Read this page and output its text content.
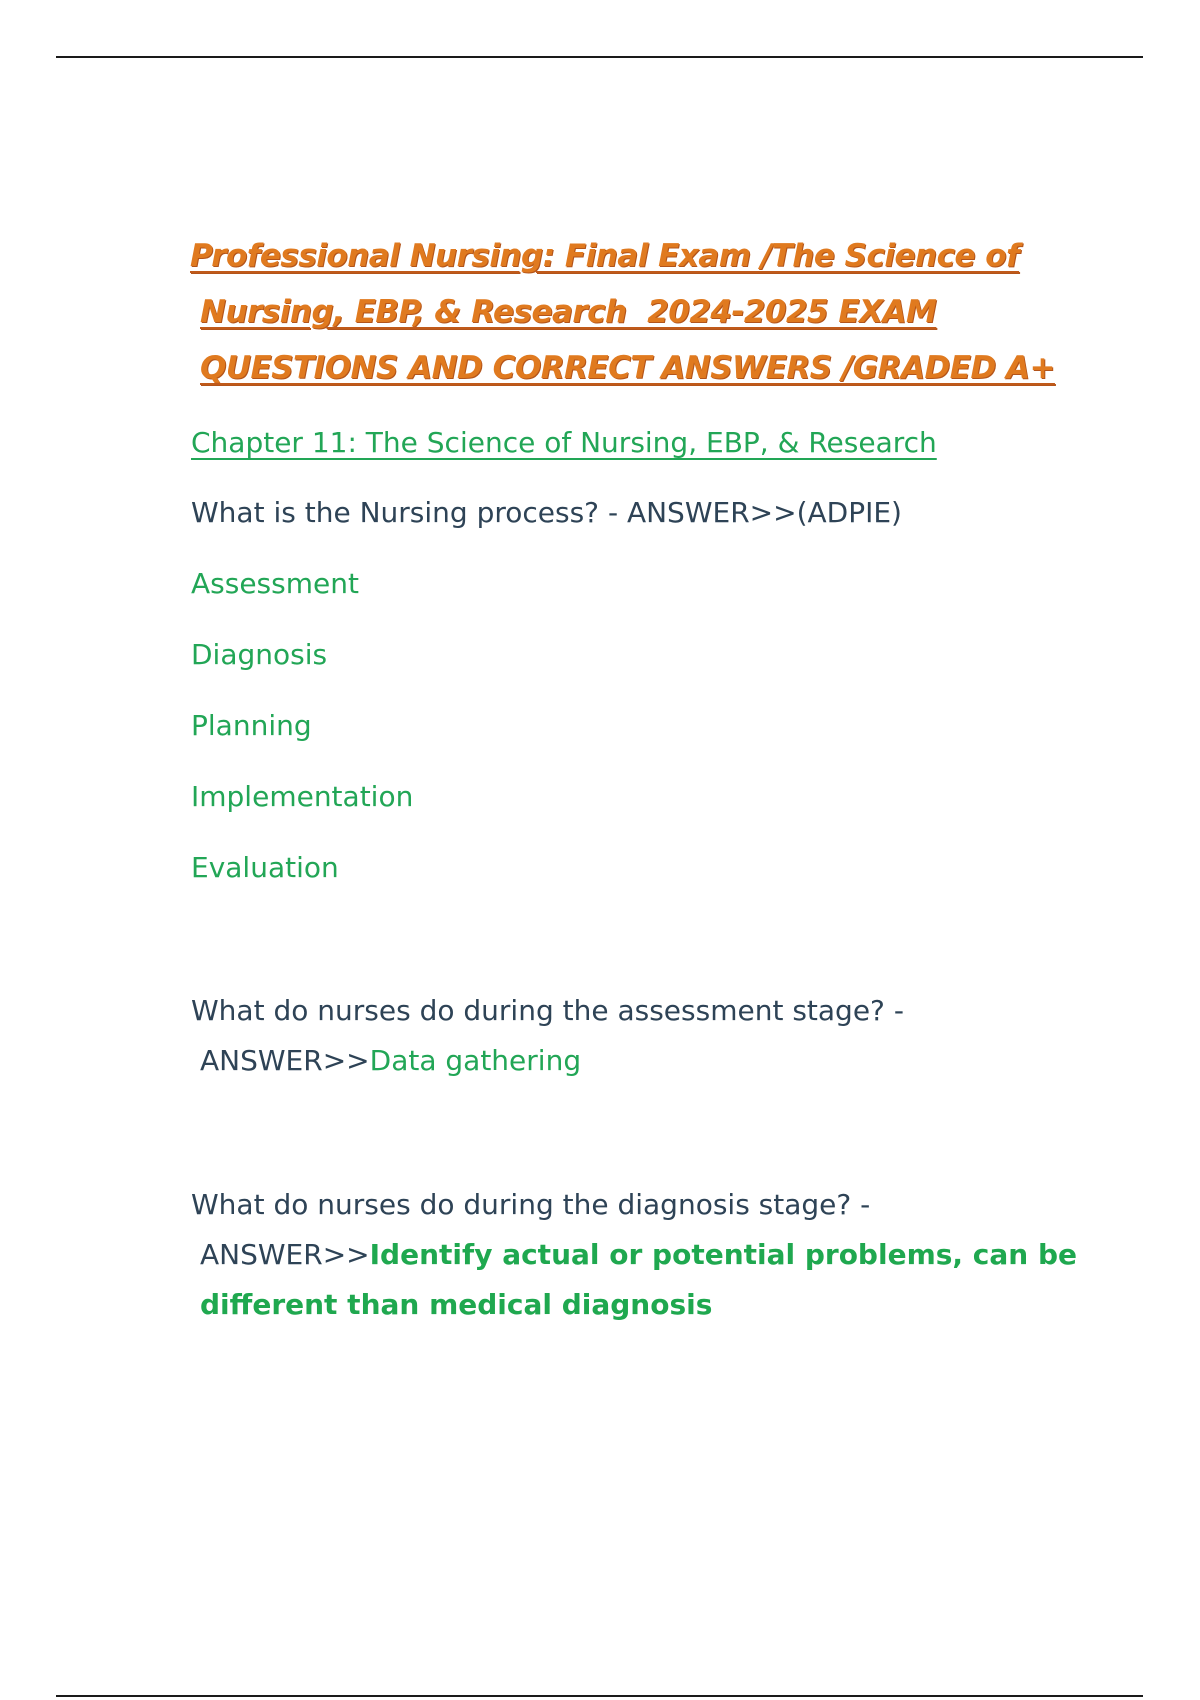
Professional Nursing: Final Exam /The Science of
Nursing, EBP, & Research  2024-2025 EXAM
QUESTIONS AND CORRECT ANSWERS /GRADED A+

Chapter 11: The Science of Nursing, EBP, & Research

What is the Nursing process? - ANSWER>>(ADPIE)

Assessment

Diagnosis

Planning

Implementation

Evaluation

What do nurses do during the assessment stage? -
ANSWER>>Data gathering
What do nurses do during the diagnosis stage? -
ANSWER>>Identify actual or potential problems, can be
different than medical diagnosis
